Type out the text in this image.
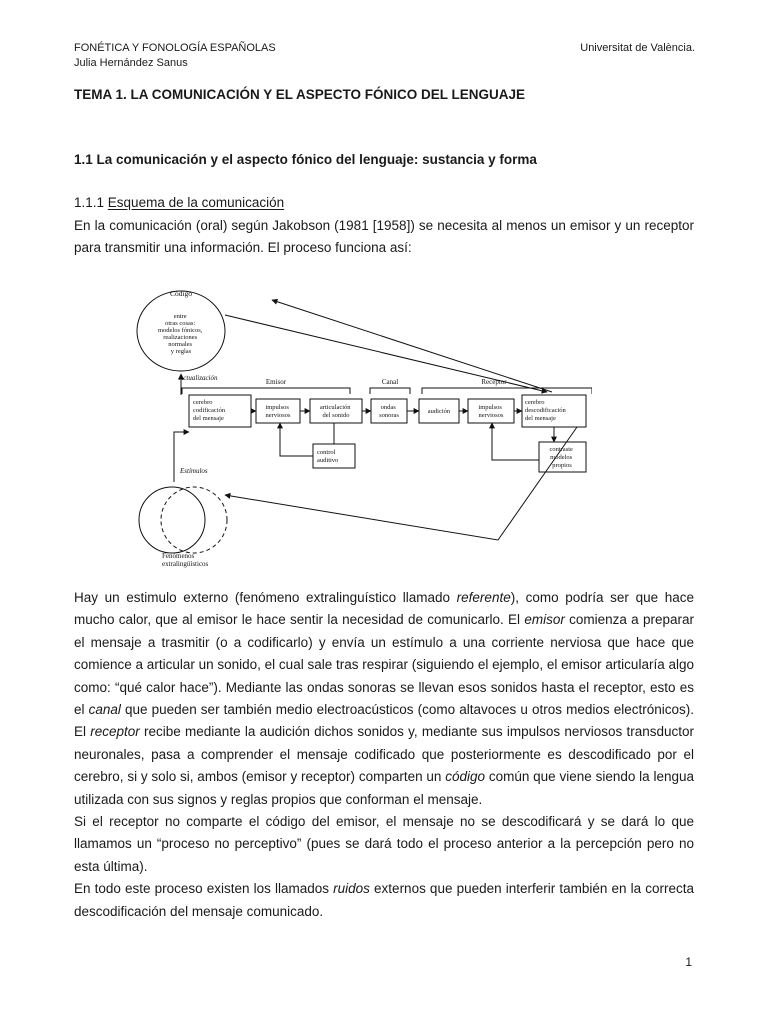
FONÉTICA Y FONOLOGÍA ESPAÑOLAS
Julia Hernández Sanus
Universitat de València.
TEMA 1. LA COMUNICACIÓN Y EL ASPECTO FÓNICO DEL LENGUAJE
1.1 La comunicación y el aspecto fónico del lenguaje: sustancia y forma
1.1.1 Esquema de la comunicación

En la comunicación (oral) según Jakobson (1981 [1958]) se necesita al menos un emisor y un receptor para transmitir una información. El proceso funciona así:

Código
entre otras cosas: modelos fónicos, realizaciones normales y reglas
Actualización	Emisor	Canal	Receptor
cerebro codificación del mensaje
impulsos nerviosos
articulación del sonido
ondas sonoras
audición
impulsos nerviosos
cerebro descodificación del mensaje
control auditivo
contraste modelos propios
Estímulos
Fenómenos extralingüísticos

Hay un estimulo externo (fenómeno extralinguístico llamado referente), como podría ser que hace mucho calor, que al emisor le hace sentir la necesidad de comunicarlo. El emisor comienza a preparar el mensaje a trasmitir (o a codificarlo) y envía un estímulo a una corriente nerviosa que hace que comience a articular un sonido, el cual sale tras respirar (siguiendo el ejemplo, el emisor articularía algo como: “qué calor hace”). Mediante las ondas sonoras se llevan esos sonidos hasta el receptor, esto es el canal que pueden ser también medio electroacústicos (como altavoces u otros medios electrónicos). El receptor recibe mediante la audición dichos sonidos y, mediante sus impulsos nerviosos transductor neuronales, pasa a comprender el mensaje codificado que posteriormente es descodificado por el cerebro, si y solo si, ambos (emisor y receptor) comparten un código común que viene siendo la lengua utilizada con sus signos y reglas propios que conforman el mensaje.

Si el receptor no comparte el código del emisor, el mensaje no se descodificará y se dará lo que llamamos un “proceso no perceptivo” (pues se dará todo el proceso anterior a la percepción pero no esta última).

En todo este proceso existen los llamados ruidos externos que pueden interferir también en la correcta descodificación del mensaje comunicado.

1
